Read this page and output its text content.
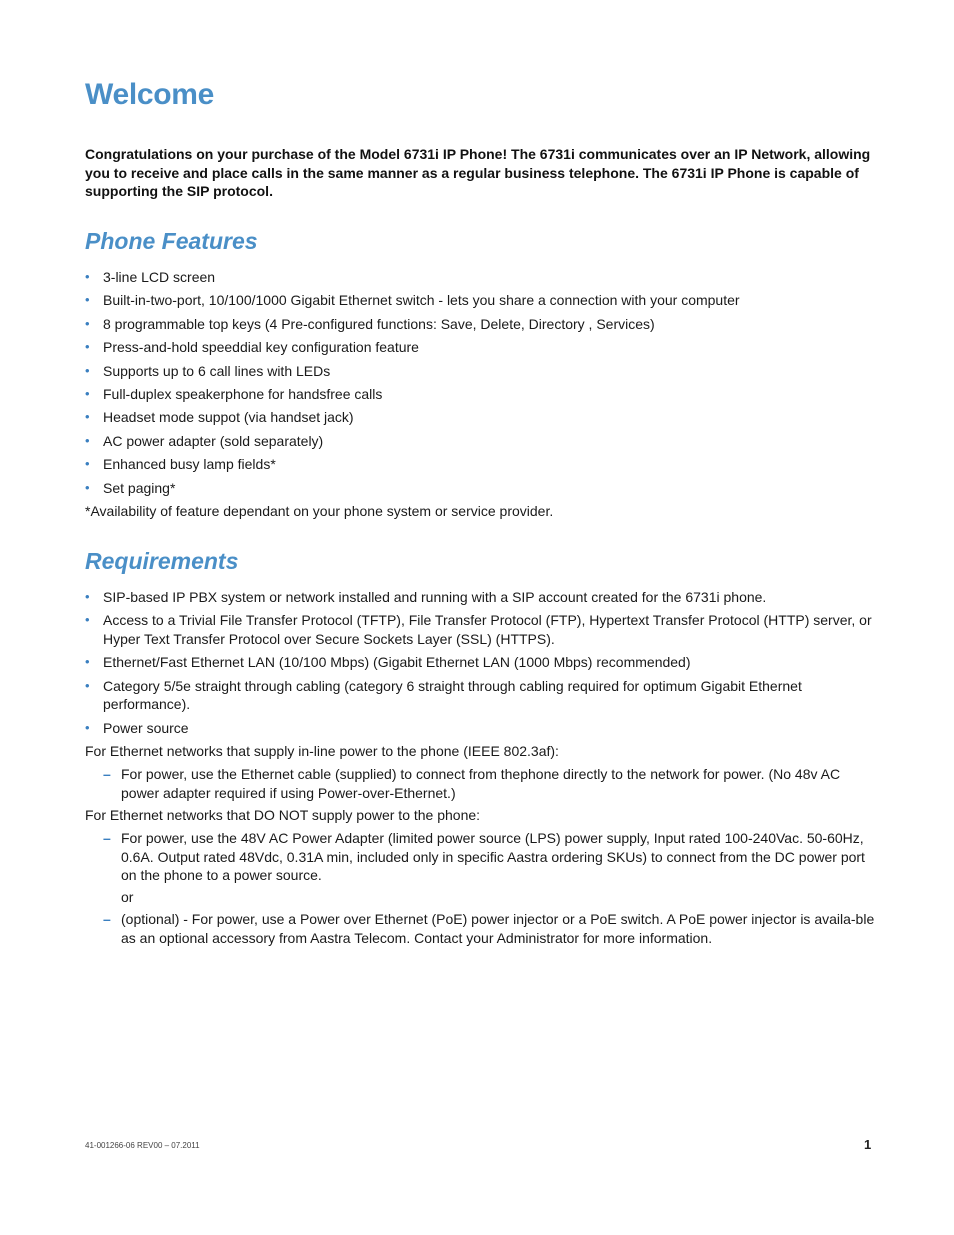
Welcome

Congratulations on your purchase of the Model 6731i IP Phone! The 6731i communicates over an IP Network, allowing you to receive and place calls in the same manner as a regular business telephone. The 6731i IP Phone is capable of supporting the SIP protocol.

Phone Features
• 3-line LCD screen
• Built-in-two-port, 10/100/1000 Gigabit Ethernet switch - lets you share a connection with your computer
• 8 programmable top keys (4 Pre-configured functions: Save, Delete, Directory , Services)
• Press-and-hold speeddial key configuration feature
• Supports up to 6 call lines with LEDs
• Full-duplex speakerphone for handsfree calls
• Headset mode suppot (via handset jack)
• AC power adapter (sold separately)
• Enhanced busy lamp fields*
• Set paging*

*Availability of feature dependant on your phone system or service provider.

Requirements
• SIP-based IP PBX system or network installed and running with a SIP account created for the 6731i phone.
• Access to a Trivial File Transfer Protocol (TFTP), File Transfer Protocol (FTP), Hypertext Transfer Protocol (HTTP) server, or Hyper Text Transfer Protocol over Secure Sockets Layer (SSL) (HTTPS).
• Ethernet/Fast Ethernet LAN (10/100 Mbps) (Gigabit Ethernet LAN (1000 Mbps) recommended)
• Category 5/5e straight through cabling (category 6 straight through cabling required for optimum Gigabit Ethernet performance).
• Power source

For Ethernet networks that supply in-line power to the phone (IEEE 802.3af):

– For power, use the Ethernet cable (supplied) to connect from thephone directly to the network for power. (No 48v AC power adapter required if using Power-over-Ethernet.)

For Ethernet networks that DO NOT supply power to the phone:

– For power, use the 48V AC Power Adapter (limited power source (LPS) power supply, Input rated 100-240Vac. 50-60Hz, 0.6A. Output rated 48Vdc, 0.31A min, included only in specific Aastra ordering SKUs) to connect from the DC power port on the phone to a power source.
or
– (optional) - For power, use a Power over Ethernet (PoE) power injector or a PoE switch. A PoE power injector is availa-ble as an optional accessory from Aastra Telecom. Contact your Administrator for more information.
41-001266-06 REV00 – 07.2011	1
